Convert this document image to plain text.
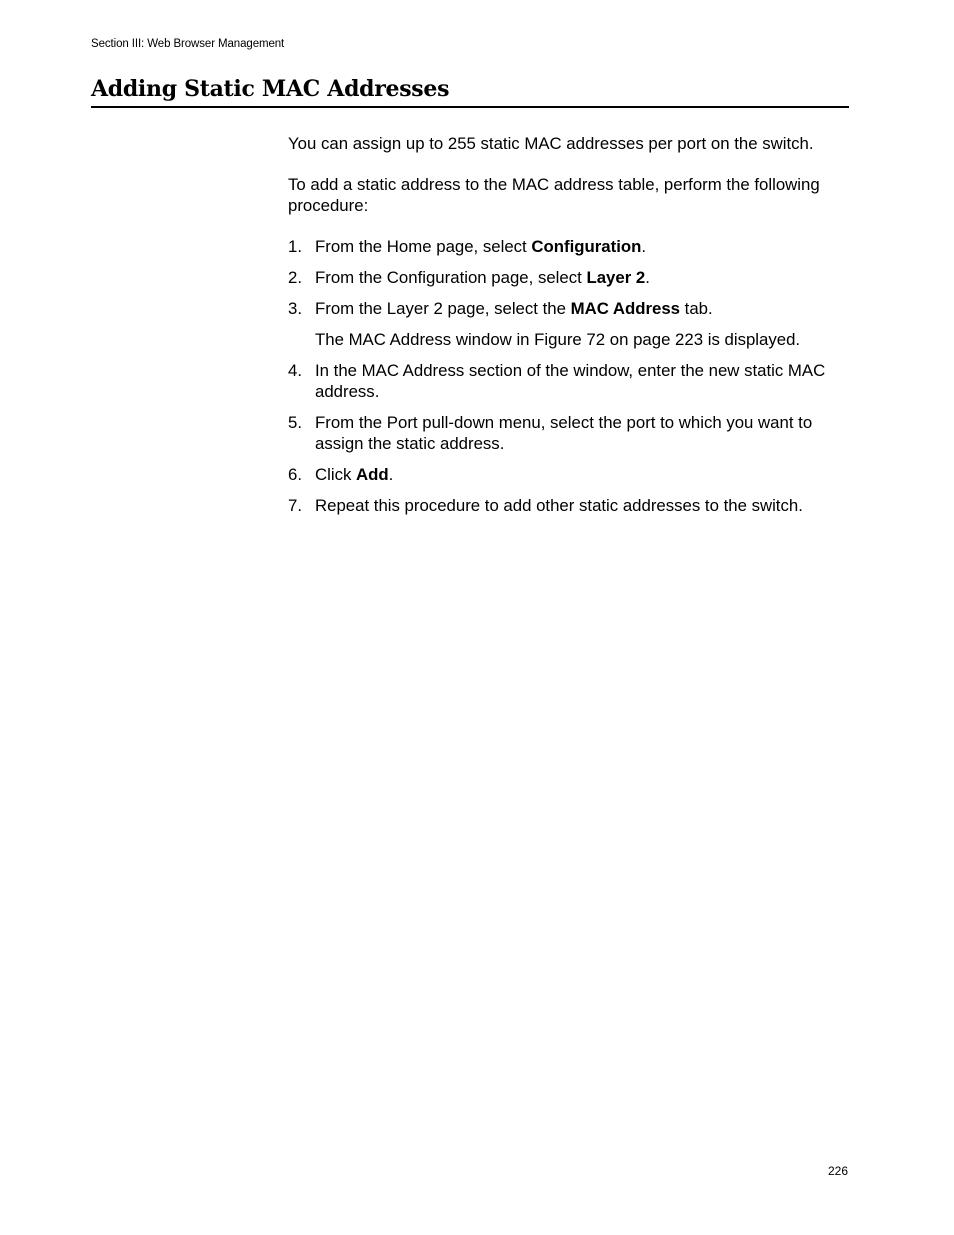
Section III: Web Browser Management
Adding Static MAC Addresses

You can assign up to 255 static MAC addresses per port on the switch.

To add a static address to the MAC address table, perform the following procedure:

1. From the Home page, select Configuration.
2. From the Configuration page, select Layer 2.
3. From the Layer 2 page, select the MAC Address tab.
The MAC Address window in Figure 72 on page 223 is displayed.
4. In the MAC Address section of the window, enter the new static MAC address.
5. From the Port pull-down menu, select the port to which you want to assign the static address.
6. Click Add.
7. Repeat this procedure to add other static addresses to the switch.
226
